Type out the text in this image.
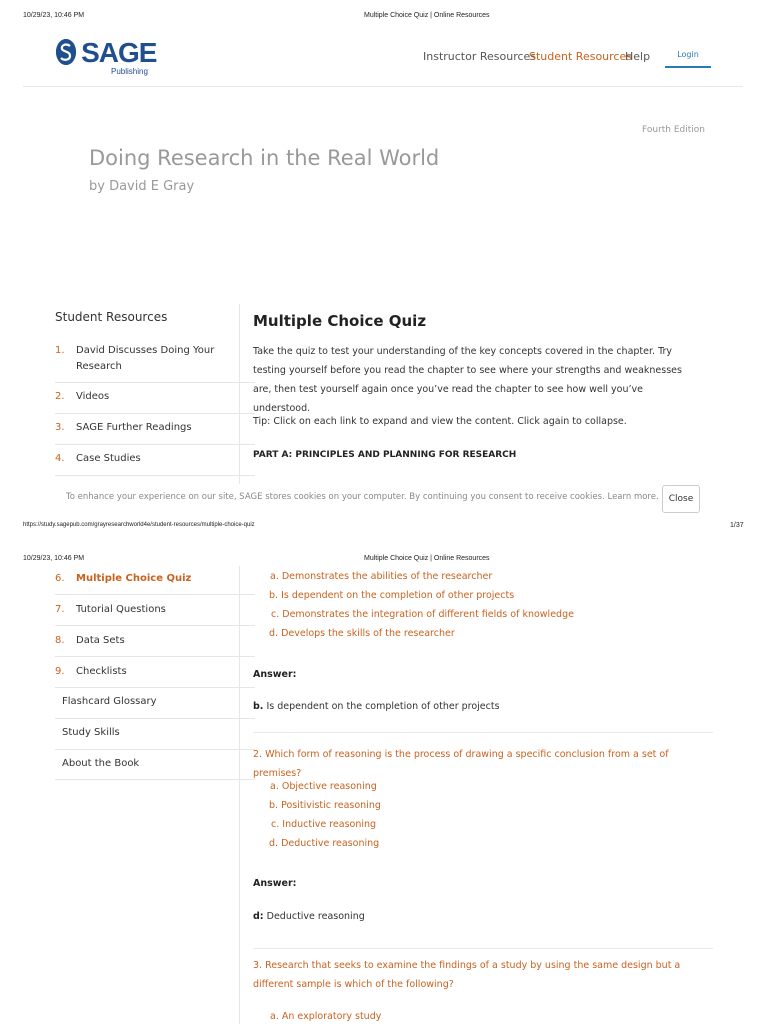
10/29/23, 10:46 PM	Multiple Choice Quiz | Online Resources
SAGE
Publishing
Instructor Resources
Student Resources
Help	Login
Fourth Edition
Doing Research in the Real World
by David E Gray
Student Resources
1. David Discusses Doing Your Research
2. Videos
3. SAGE Further Readings
4. Case Studies
Multiple Choice Quiz
Take the quiz to test your understanding of the key concepts covered in the chapter. Try testing yourself before you read the chapter to see where your strengths and weaknesses are, then test yourself again once you’ve read the chapter to see how well you’ve understood.
Tip: Click on each link to expand and view the content. Click again to collapse.
PART A: PRINCIPLES AND PLANNING FOR RESEARCH
To enhance your experience on our site, SAGE stores cookies on your computer. By continuing you consent to receive cookies. Learn more.	Close
https://study.sagepub.com/grayresearchworld4e/student-resources/multiple-choice-quiz	1/37
10/29/23, 10:46 PM	Multiple Choice Quiz | Online Resources
6. Multiple Choice Quiz
7. Tutorial Questions
8. Data Sets
9. Checklists
Flashcard Glossary
Study Skills
About the Book
a. Demonstrates the abilities of the researcher
b. Is dependent on the completion of other projects
c. Demonstrates the integration of different fields of knowledge
d. Develops the skills of the researcher
Answer:
b. Is dependent on the completion of other projects
2. Which form of reasoning is the process of drawing a specific conclusion from a set of premises?
a. Objective reasoning
b. Positivistic reasoning
c. Inductive reasoning
d. Deductive reasoning
Answer:
d: Deductive reasoning
3. Research that seeks to examine the findings of a study by using the same design but a different sample is which of the following?
a. An exploratory study
